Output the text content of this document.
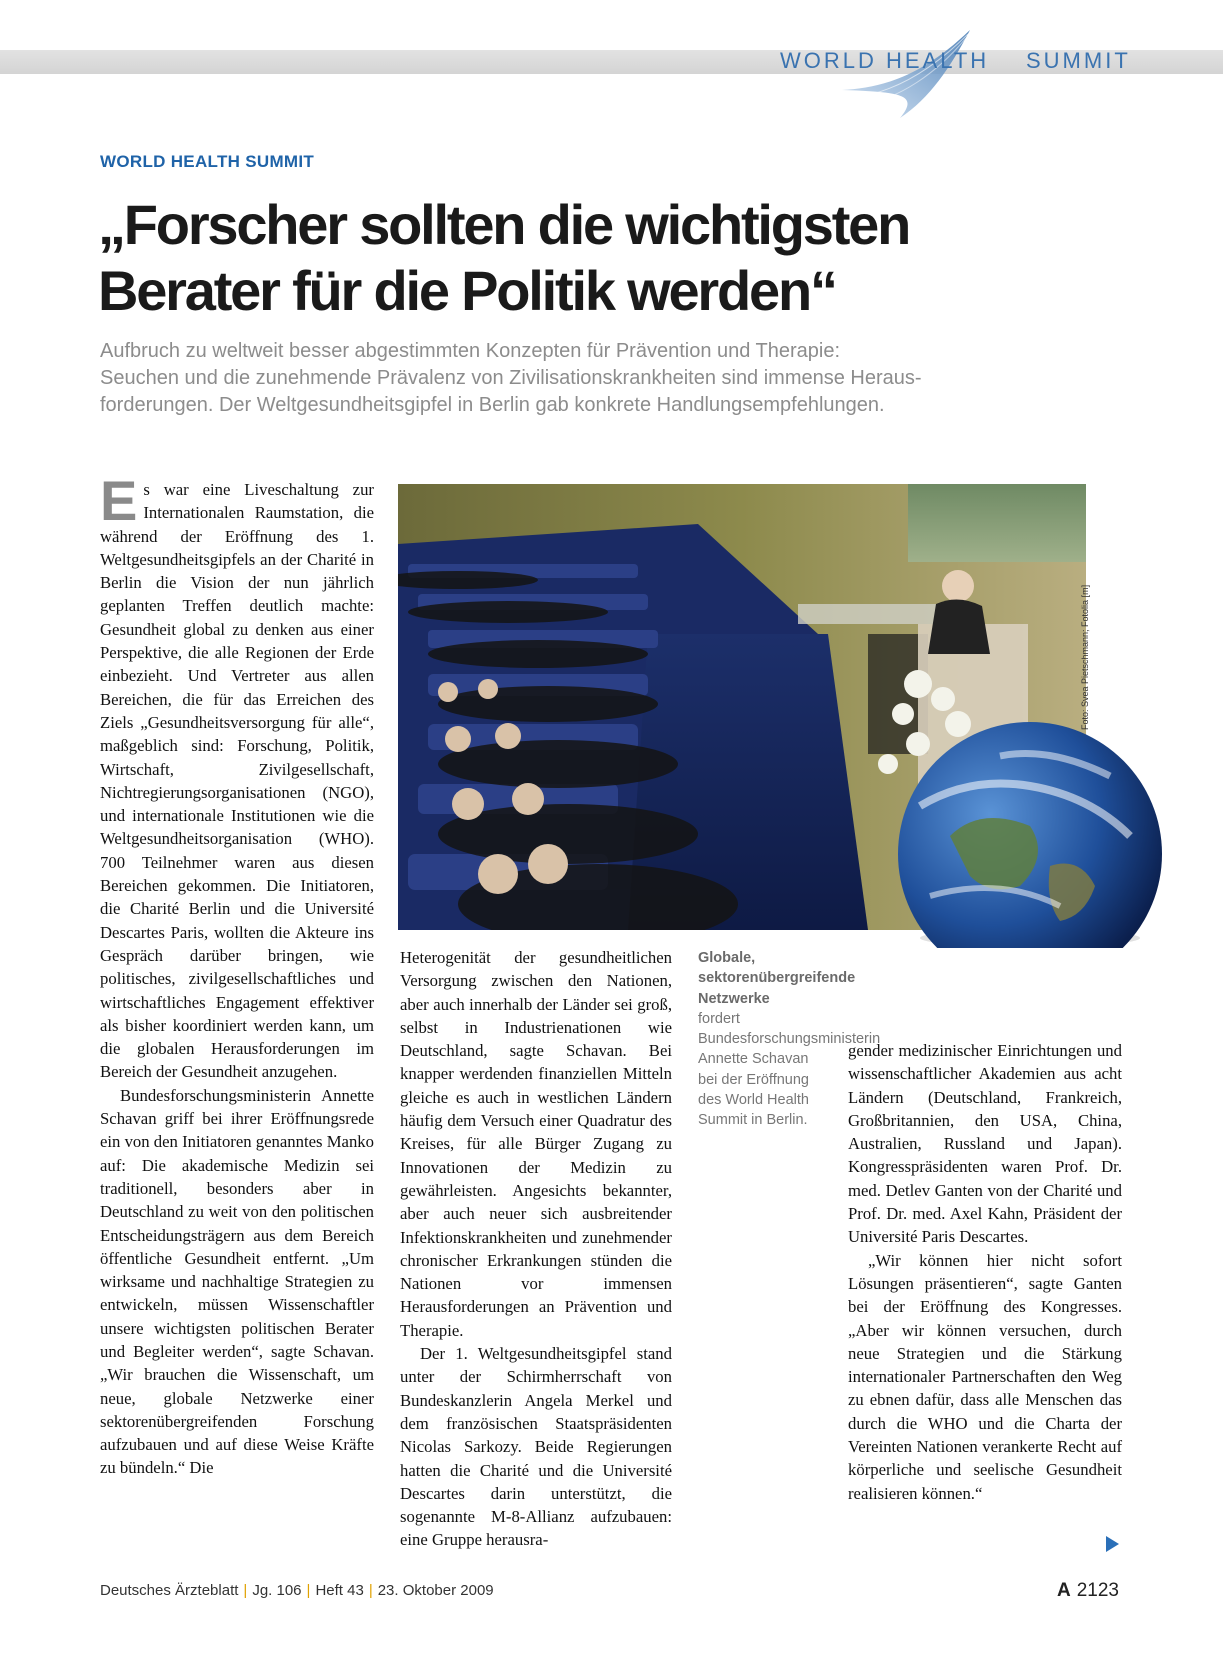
WORLD HEALTH SUMMIT
WORLD HEALTH SUMMIT
„Forscher sollten die wichtigsten
Berater für die Politik werden“
Aufbruch zu weltweit besser abgestimmten Konzepten für Prävention und Therapie:
Seuchen und die zunehmende Prävalenz von Zivilisationskrankheiten sind immense Heraus-
forderungen. Der Weltgesundheitsgipfel in Berlin gab konkrete Handlungsempfehlungen.

Es war eine Liveschaltung zur Internationalen Raumstation, die während der Eröffnung des 1. Weltgesundheitsgipfels an der Charité in Berlin die Vision der nun jährlich geplanten Treffen deutlich machte: Gesundheit global zu denken aus einer Perspektive, die alle Regionen der Erde einbezieht. Und Vertreter aus allen Bereichen, die für das Erreichen des Ziels „Gesundheitsversorgung für alle“, maßgeblich sind: Forschung, Politik, Wirtschaft, Zivilgesellschaft, Nichtregierungsorganisationen (NGO), und internationale Institutionen wie die Weltgesundheitsorganisation (WHO). 700 Teilnehmer waren aus diesen Bereichen gekommen. Die Initiatoren, die Charité Berlin und die Université Descartes Paris, wollten die Akteure ins Gespräch darüber bringen, wie politisches, zivilgesellschaftliches und wirtschaftliches Engagement effektiver als bisher koordiniert werden kann, um die globalen Herausforderungen im Bereich der Gesundheit anzugehen.

Bundesforschungsministerin Annette Schavan griff bei ihrer Eröffnungsrede ein von den Initiatoren genanntes Manko auf: Die akademische Medizin sei traditionell, besonders aber in Deutschland zu weit von den politischen Entscheidungsträgern aus dem Bereich öffentliche Gesundheit entfernt. „Um wirksame und nachhaltige Strategien zu entwickeln, müssen Wissenschaftler unsere wichtigsten politischen Berater und Begleiter werden“, sagte Schavan. „Wir brauchen die Wissenschaft, um neue, globale Netzwerke einer sektorenübergreifenden Forschung aufzubauen und auf diese Weise Kräfte zu bündeln.“ Die

Foto: Svea Pietschmann; Fotolia [m]

Heterogenität der gesundheitlichen Versorgung zwischen den Nationen, aber auch innerhalb der Länder sei groß, selbst in Industrienationen wie Deutschland, sagte Schavan. Bei knapper werdenden finanziellen Mitteln gleiche es auch in westlichen Ländern häufig dem Versuch einer Quadratur des Kreises, für alle Bürger Zugang zu Innovationen der Medizin zu gewährleisten. Angesichts bekannter, aber auch neuer sich ausbreitender Infektionskrankheiten und zunehmender chronischer Erkrankungen stünden die Nationen vor immensen Herausforderungen an Prävention und Therapie.

Der 1. Weltgesundheitsgipfel stand unter der Schirmherrschaft von Bundeskanzlerin Angela Merkel und dem französischen Staatspräsidenten Nicolas Sarkozy. Beide Regierungen hatten die Charité und die Université Descartes darin unterstützt, die sogenannte M-8-Allianz aufzubauen: eine Gruppe herausra-

Globale, sektorenübergreifende Netzwerke
fordert Bundesforschungsministerin Annette Schavan bei der Eröffnung des World Health Summit in Berlin.

gender medizinischer Einrichtungen und wissenschaftlicher Akademien aus acht Ländern (Deutschland, Frankreich, Großbritannien, den USA, China, Australien, Russland und Japan). Kongresspräsidenten waren Prof. Dr. med. Detlev Ganten von der Charité und Prof. Dr. med. Axel Kahn, Präsident der Université Paris Descartes.

„Wir können hier nicht sofort Lösungen präsentieren“, sagte Ganten bei der Eröffnung des Kongresses. „Aber wir können versuchen, durch neue Strategien und die Stärkung internationaler Partnerschaften den Weg zu ebnen dafür, dass alle Menschen das durch die WHO und die Charta der Vereinten Nationen verankerte Recht auf körperliche und seelische Gesundheit realisieren können.“

Deutsches Ärzteblatt | Jg. 106 | Heft 43 | 23. Oktober 2009	A 2123
